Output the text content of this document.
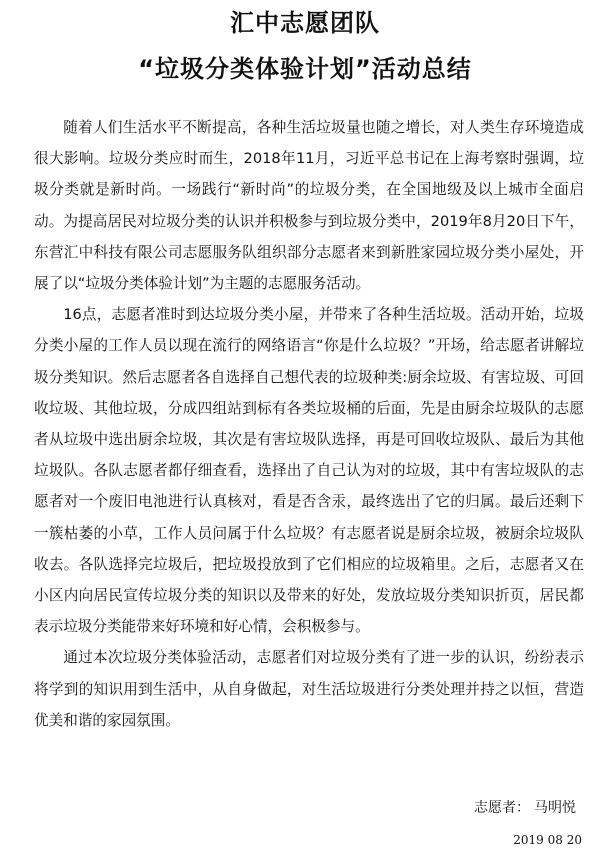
汇中志愿团队
“垃圾分类体验计划”活动总结

随着人们生活水平不断提高，各种生活垃圾量也随之增长，对人类生存环境造成很大影响。垃圾分类应时而生，2018年11月，习近平总书记在上海考察时强调，垃圾分类就是新时尚。一场践行“新时尚”的垃圾分类，在全国地级及以上城市全面启动。为提高居民对垃圾分类的认识并积极参与到垃圾分类中，2019年8月20日下午，东营汇中科技有限公司志愿服务队组织部分志愿者来到新胜家园垃圾分类小屋处，开展了以“垃圾分类体验计划”为主题的志愿服务活动。

16点，志愿者准时到达垃圾分类小屋，并带来了各种生活垃圾。活动开始，垃圾分类小屋的工作人员以现在流行的网络语言“你是什么垃圾？”开场，给志愿者讲解垃圾分类知识。然后志愿者各自选择自己想代表的垃圾种类:厨余垃圾、有害垃圾、可回收垃圾、其他垃圾，分成四组站到标有各类垃圾桶的后面，先是由厨余垃圾队的志愿者从垃圾中选出厨余垃圾，其次是有害垃圾队选择，再是可回收垃圾队、最后为其他垃圾队。各队志愿者都仔细查看，选择出了自己认为对的垃圾，其中有害垃圾队的志愿者对一个废旧电池进行认真核对，看是否含汞，最终选出了它的归属。最后还剩下一簇枯萎的小草，工作人员问属于什么垃圾？有志愿者说是厨余垃圾，被厨余垃圾队收去。各队选择完垃圾后，把垃圾投放到了它们相应的垃圾箱里。之后，志愿者又在小区内向居民宣传垃圾分类的知识以及带来的好处，发放垃圾分类知识折页，居民都表示垃圾分类能带来好环境和好心情，会积极参与。

通过本次垃圾分类体验活动，志愿者们对垃圾分类有了进一步的认识，纷纷表示将学到的知识用到生活中，从自身做起，对生活垃圾进行分类处理并持之以恒，营造优美和谐的家园氛围。

志愿者： 马明悦
2019 08 20
